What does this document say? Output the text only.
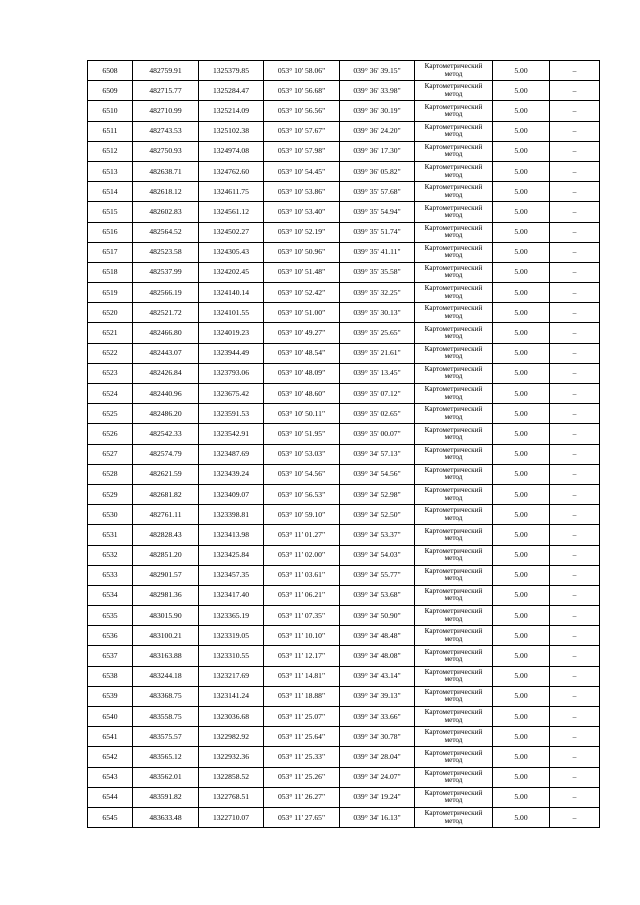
6508	482759.91	1325379.85	053° 10' 58.06"	039° 36' 39.15"	Картометрический метод	5.00	–
6509	482715.77	1325284.47	053° 10' 56.68"	039° 36' 33.98"	Картометрический метод	5.00	–
6510	482710.99	1325214.09	053° 10' 56.56"	039° 36' 30.19"	Картометрический метод	5.00	–
6511	482743.53	1325102.38	053° 10' 57.67"	039° 36' 24.20"	Картометрический метод	5.00	–
6512	482750.93	1324974.08	053° 10' 57.98"	039° 36' 17.30"	Картометрический метод	5.00	–
6513	482638.71	1324762.60	053° 10' 54.45"	039° 36' 05.82"	Картометрический метод	5.00	–
6514	482618.12	1324611.75	053° 10' 53.86"	039° 35' 57.68"	Картометрический метод	5.00	–
6515	482602.83	1324561.12	053° 10' 53.40"	039° 35' 54.94"	Картометрический метод	5.00	–
6516	482564.52	1324502.27	053° 10' 52.19"	039° 35' 51.74"	Картометрический метод	5.00	–
6517	482523.58	1324305.43	053° 10' 50.96"	039° 35' 41.11"	Картометрический метод	5.00	–
6518	482537.99	1324202.45	053° 10' 51.48"	039° 35' 35.58"	Картометрический метод	5.00	–
6519	482566.19	1324140.14	053° 10' 52.42"	039° 35' 32.25"	Картометрический метод	5.00	–
6520	482521.72	1324101.55	053° 10' 51.00"	039° 35' 30.13"	Картометрический метод	5.00	–
6521	482466.80	1324019.23	053° 10' 49.27"	039° 35' 25.65"	Картометрический метод	5.00	–
6522	482443.07	1323944.49	053° 10' 48.54"	039° 35' 21.61"	Картометрический метод	5.00	–
6523	482426.84	1323793.06	053° 10' 48.09"	039° 35' 13.45"	Картометрический метод	5.00	–
6524	482440.96	1323675.42	053° 10' 48.60"	039° 35' 07.12"	Картометрический метод	5.00	–
6525	482486.20	1323591.53	053° 10' 50.11"	039° 35' 02.65"	Картометрический метод	5.00	–
6526	482542.33	1323542.91	053° 10' 51.95"	039° 35' 00.07"	Картометрический метод	5.00	–
6527	482574.79	1323487.69	053° 10' 53.03"	039° 34' 57.13"	Картометрический метод	5.00	–
6528	482621.59	1323439.24	053° 10' 54.56"	039° 34' 54.56"	Картометрический метод	5.00	–
6529	482681.82	1323409.07	053° 10' 56.53"	039° 34' 52.98"	Картометрический метод	5.00	–
6530	482761.11	1323398.81	053° 10' 59.10"	039° 34' 52.50"	Картометрический метод	5.00	–
6531	482828.43	1323413.98	053° 11' 01.27"	039° 34' 53.37"	Картометрический метод	5.00	–
6532	482851.20	1323425.84	053° 11' 02.00"	039° 34' 54.03"	Картометрический метод	5.00	–
6533	482901.57	1323457.35	053° 11' 03.61"	039° 34' 55.77"	Картометрический метод	5.00	–
6534	482981.36	1323417.40	053° 11' 06.21"	039° 34' 53.68"	Картометрический метод	5.00	–
6535	483015.90	1323365.19	053° 11' 07.35"	039° 34' 50.90"	Картометрический метод	5.00	–
6536	483100.21	1323319.05	053° 11' 10.10"	039° 34' 48.48"	Картометрический метод	5.00	–
6537	483163.88	1323310.55	053° 11' 12.17"	039° 34' 48.08"	Картометрический метод	5.00	–
6538	483244.18	1323217.69	053° 11' 14.81"	039° 34' 43.14"	Картометрический метод	5.00	–
6539	483368.75	1323141.24	053° 11' 18.88"	039° 34' 39.13"	Картометрический метод	5.00	–
6540	483558.75	1323036.68	053° 11' 25.07"	039° 34' 33.66"	Картометрический метод	5.00	–
6541	483575.57	1322982.92	053° 11' 25.64"	039° 34' 30.78"	Картометрический метод	5.00	–
6542	483565.12	1322932.36	053° 11' 25.33"	039° 34' 28.04"	Картометрический метод	5.00	–
6543	483562.01	1322858.52	053° 11' 25.26"	039° 34' 24.07"	Картометрический метод	5.00	–
6544	483591.82	1322768.51	053° 11' 26.27"	039° 34' 19.24"	Картометрический метод	5.00	–
6545	483633.48	1322710.07	053° 11' 27.65"	039° 34' 16.13"	Картометрический метод	5.00	–
